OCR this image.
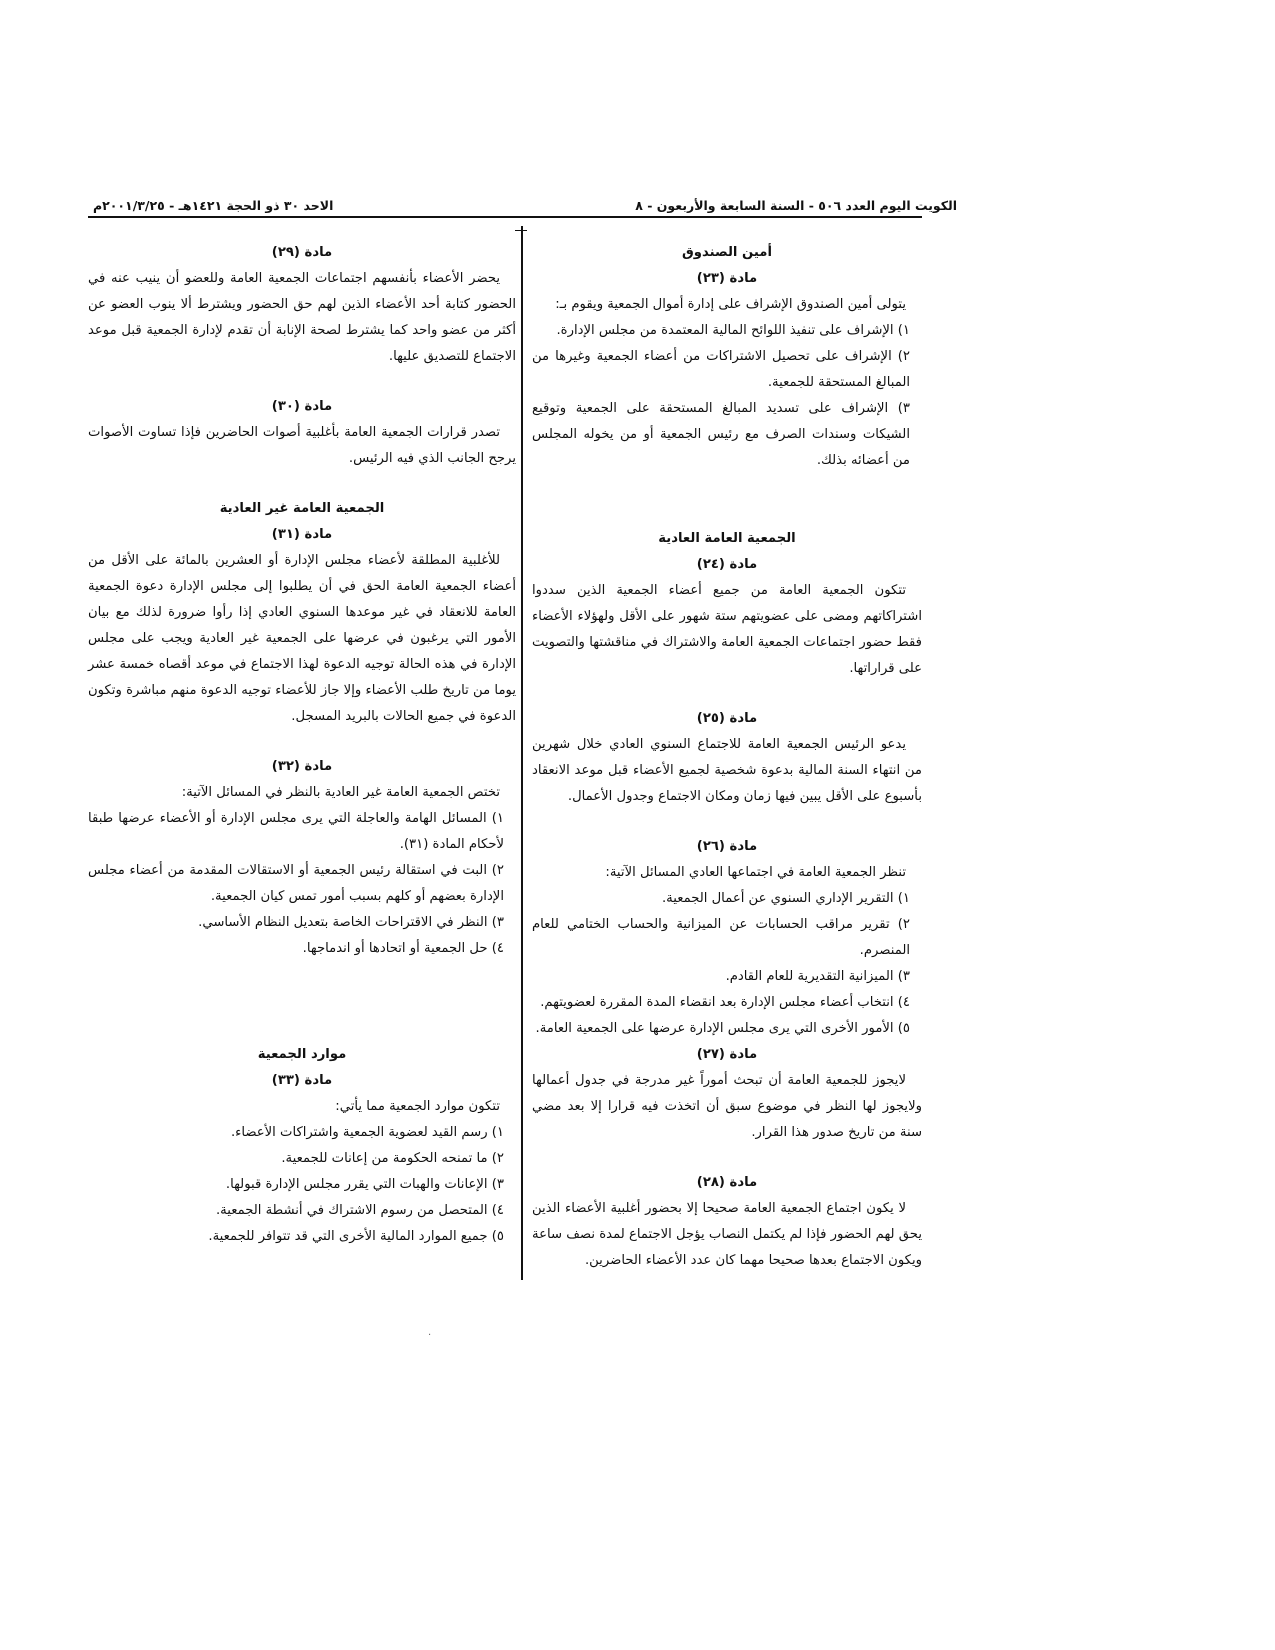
الكويت اليوم العدد ٥٠٦ - السنة السابعة والأربعون - ٨
الاحد ٣٠ ذو الحجة ١٤٢١هـ - ٢٠٠١/٣/٢٥م
أمين الصندوق
مادة (٢٣)
يتولى أمين الصندوق الإشراف على إدارة أموال الجمعية ويقوم بـ:
١) الإشراف على تنفيذ اللوائح المالية المعتمدة من مجلس الإدارة.
٢) الإشراف على تحصيل الاشتراكات من أعضاء الجمعية وغيرها من المبالغ المستحقة للجمعية.
٣) الإشراف على تسديد المبالغ المستحقة على الجمعية وتوقيع الشيكات وسندات الصرف مع رئيس الجمعية أو من يخوله المجلس من أعضائه بذلك.
الجمعية العامة العادية
مادة (٢٤)
تتكون الجمعية العامة من جميع أعضاء الجمعية الذين سددوا اشتراكاتهم ومضى على عضويتهم ستة شهور على الأقل ولهؤلاء الأعضاء فقط حضور اجتماعات الجمعية العامة والاشتراك في مناقشتها والتصويت على قراراتها.
مادة (٢٥)
يدعو الرئيس الجمعية العامة للاجتماع السنوي العادي خلال شهرين من انتهاء السنة المالية بدعوة شخصية لجميع الأعضاء قبل موعد الانعقاد بأسبوع على الأقل يبين فيها زمان ومكان الاجتماع وجدول الأعمال.
مادة (٢٦)
تنظر الجمعية العامة في اجتماعها العادي المسائل الآتية:
١) التقرير الإداري السنوي عن أعمال الجمعية.
٢) تقرير مراقب الحسابات عن الميزانية والحساب الختامي للعام المنصرم.
٣) الميزانية التقديرية للعام القادم.
٤) انتخاب أعضاء مجلس الإدارة بعد انقضاء المدة المقررة لعضويتهم.
٥) الأمور الأخرى التي يرى مجلس الإدارة عرضها على الجمعية العامة.
مادة (٢٧)
لايجوز للجمعية العامة أن تبحث أموراً غير مدرجة في جدول أعمالها ولايجوز لها النظر في موضوع سبق أن اتخذت فيه قرارا إلا بعد مضي سنة من تاريخ صدور هذا القرار.
مادة (٢٨)
لا يكون اجتماع الجمعية العامة صحيحا إلا بحضور أغلبية الأعضاء الذين يحق لهم الحضور فإذا لم يكتمل النصاب يؤجل الاجتماع لمدة نصف ساعة ويكون الاجتماع بعدها صحيحا مهما كان عدد الأعضاء الحاضرين.
مادة (٢٩)
يحضر الأعضاء بأنفسهم اجتماعات الجمعية العامة وللعضو أن ينيب عنه في الحضور كتابة أحد الأعضاء الذين لهم حق الحضور ويشترط ألا ينوب العضو عن أكثر من عضو واحد كما يشترط لصحة الإنابة أن تقدم لإدارة الجمعية قبل موعد الاجتماع للتصديق عليها.
مادة (٣٠)
تصدر قرارات الجمعية العامة بأغلبية أصوات الحاضرين فإذا تساوت الأصوات يرجح الجانب الذي فيه الرئيس.
الجمعية العامة غير العادية
مادة (٣١)
للأغلبية المطلقة لأعضاء مجلس الإدارة أو العشرين بالمائة على الأقل من أعضاء الجمعية العامة الحق في أن يطلبوا إلى مجلس الإدارة دعوة الجمعية العامة للانعقاد في غير موعدها السنوي العادي إذا رأوا ضرورة لذلك مع بيان الأمور التي يرغبون في عرضها على الجمعية غير العادية ويجب على مجلس الإدارة في هذه الحالة توجيه الدعوة لهذا الاجتماع في موعد أقصاه خمسة عشر يوما من تاريخ طلب الأعضاء وإلا جاز للأعضاء توجيه الدعوة منهم مباشرة وتكون الدعوة في جميع الحالات بالبريد المسجل.
مادة (٣٢)
تختص الجمعية العامة غير العادية بالنظر في المسائل الآتية:
١) المسائل الهامة والعاجلة التي يرى مجلس الإدارة أو الأعضاء عرضها طبقا لأحكام المادة (٣١).
٢) البت في استقالة رئيس الجمعية أو الاستقالات المقدمة من أعضاء مجلس الإدارة بعضهم أو كلهم بسبب أمور تمس كيان الجمعية.
٣) النظر في الاقتراحات الخاصة بتعديل النظام الأساسي.
٤) حل الجمعية أو اتحادها أو اندماجها.
موارد الجمعية
مادة (٣٣)
تتكون موارد الجمعية مما يأتي:
١) رسم القيد لعضوية الجمعية واشتراكات الأعضاء.
٢) ما تمنحه الحكومة من إعانات للجمعية.
٣) الإعانات والهبات التي يقرر مجلس الإدارة قبولها.
٤) المتحصل من رسوم الاشتراك في أنشطة الجمعية.
٥) جميع الموارد المالية الأخرى التي قد تتوافر للجمعية.
·
